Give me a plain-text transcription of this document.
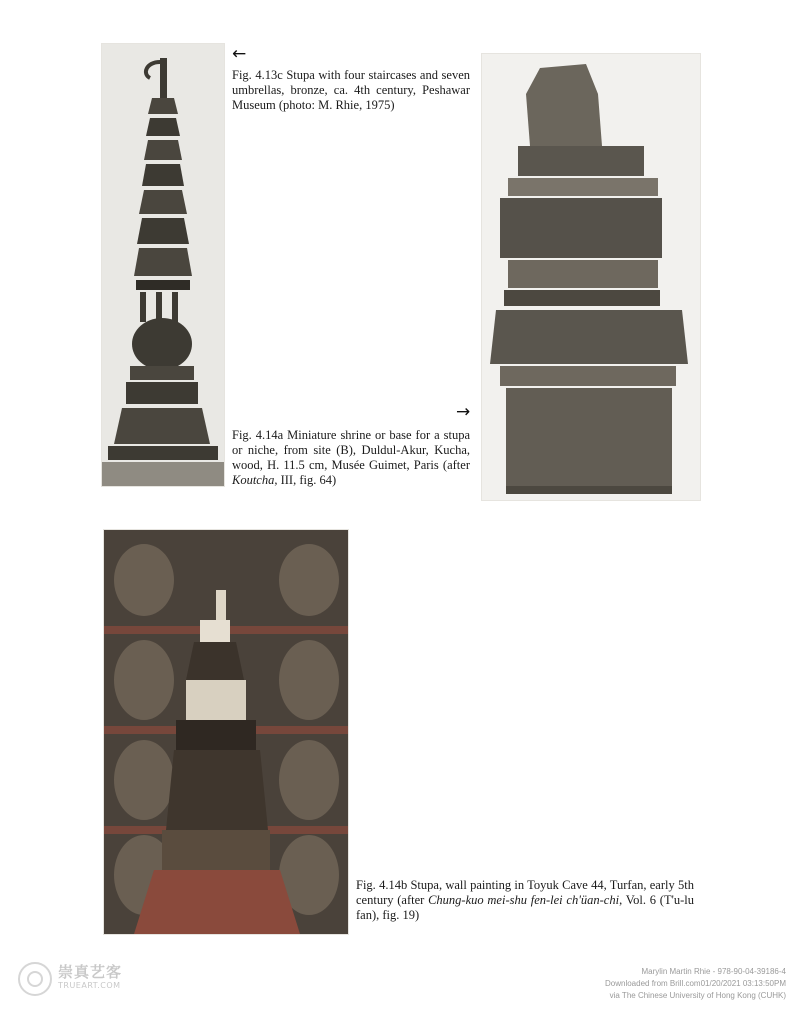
←
Fig. 4.13c Stupa with four staircases and seven umbrellas, bronze, ca. 4th century, Peshawar Museum (photo: M. Rhie, 1975)
→
Fig. 4.14a Miniature shrine or base for a stupa or niche, from site (B), Duldul-Akur, Kucha, wood, H. 11.5 cm, Musée Guimet, Paris (after Koutcha, III, fig. 64)
Fig. 4.14b Stupa, wall painting in Toyuk Cave 44, Turfan, early 5th century (after Chung-kuo mei-shu fen-lei ch'üan-chi, Vol. 6 (T'u-lu fan), fig. 19)
崇真艺客
TRUEART.COM
Marylin Martin Rhie - 978-90-04-39186-4
Downloaded from Brill.com01/20/2021 03:13:50PM
via The Chinese University of Hong Kong (CUHK)
